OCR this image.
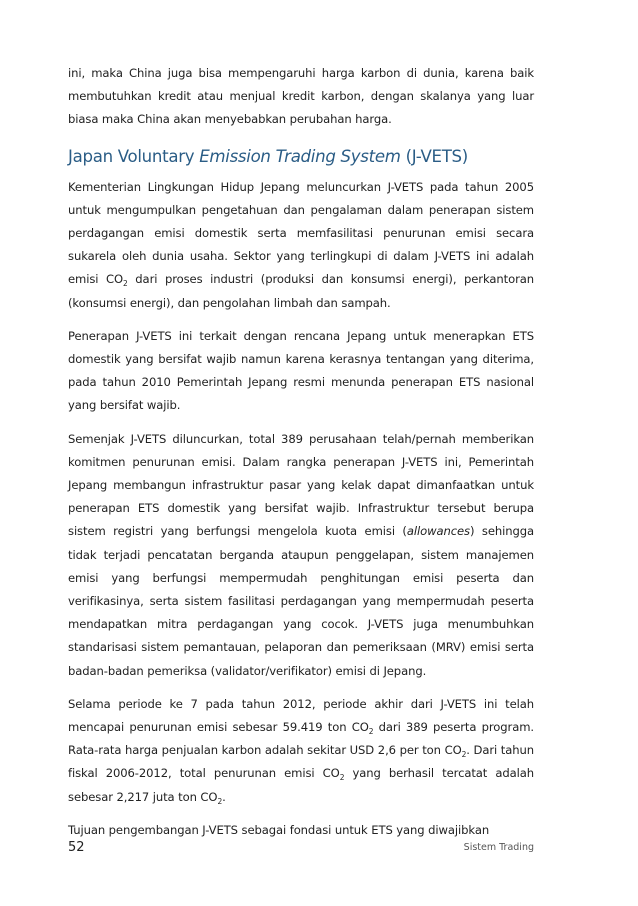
ini, maka China juga bisa mempengaruhi harga karbon di dunia, karena baik membutuhkan kredit atau menjual kredit karbon, dengan skalanya yang luar biasa maka China akan menyebabkan perubahan harga.

Japan Voluntary Emission Trading System (J-VETS)

Kementerian Lingkungan Hidup Jepang meluncurkan J-VETS pada tahun 2005 untuk mengumpulkan pengetahuan dan pengalaman dalam penerapan sistem perdagangan emisi domestik serta memfasilitasi penurunan emisi secara sukarela oleh dunia usaha. Sektor yang terlingkupi di dalam J-VETS ini adalah emisi $CO_2$ dari proses industri (produksi dan konsumsi energi), perkantoran (konsumsi energi), dan pengolahan limbah dan sampah.

Penerapan J-VETS ini terkait dengan rencana Jepang untuk menerapkan ETS domestik yang bersifat wajib namun karena kerasnya tentangan yang diterima, pada tahun 2010 Pemerintah Jepang resmi menunda penerapan ETS nasional yang bersifat wajib.

Semenjak J-VETS diluncurkan, total 389 perusahaan telah/pernah memberikan komitmen penurunan emisi. Dalam rangka penerapan J-VETS ini, Pemerintah Jepang membangun infrastruktur pasar yang kelak dapat dimanfaatkan untuk penerapan ETS domestik yang bersifat wajib. Infrastruktur tersebut berupa sistem registri yang berfungsi mengelola kuota emisi (allowances) sehingga tidak terjadi pencatatan berganda ataupun penggelapan, sistem manajemen emisi yang berfungsi mempermudah penghitungan emisi peserta dan verifikasinya, serta sistem fasilitasi perdagangan yang mempermudah peserta mendapatkan mitra perdagangan yang cocok. J-VETS juga menumbuhkan standarisasi sistem pemantauan, pelaporan dan pemeriksaan (MRV) emisi serta badan-badan pemeriksa (validator/verifikator) emisi di Jepang.

Selama periode ke 7 pada tahun 2012, periode akhir dari J-VETS ini telah mencapai penurunan emisi sebesar 59.419 ton $CO_2$ dari 389 peserta program. Rata-rata harga penjualan karbon adalah sekitar USD 2,6 per ton $CO_2$. Dari tahun fiskal 2006-2012, total penurunan emisi $CO_2$ yang berhasil tercatat adalah sebesar 2,217 juta ton $CO_2$.

Tujuan pengembangan J-VETS sebagai fondasi untuk ETS yang diwajibkan

52	Sistem Trading
